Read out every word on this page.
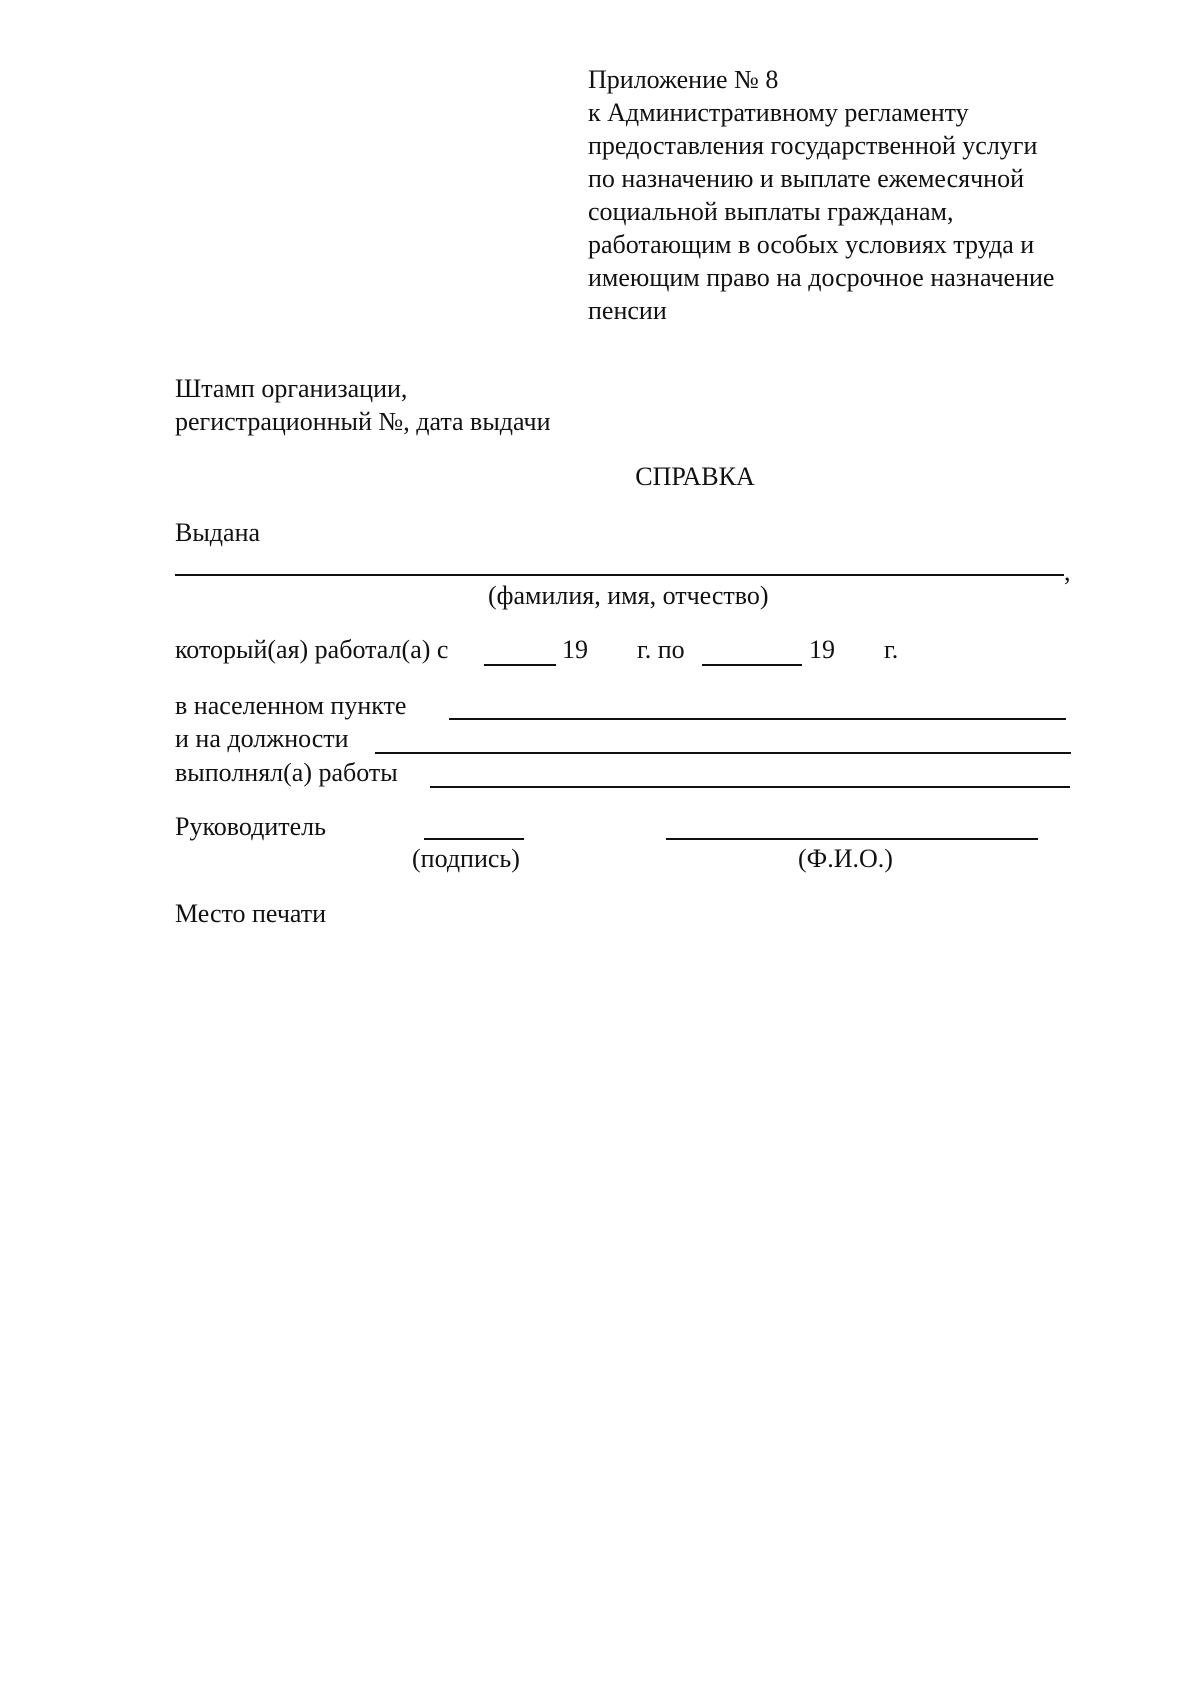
Приложение № 8
к Административному регламенту
предоставления государственной услуги
по назначению и выплате ежемесячной
социальной выплаты гражданам,
работающим в особых условиях труда и
имеющим право на досрочное назначение
пенсии
Штамп организации,
регистрационный №, дата выдачи
СПРАВКА
Выдана
,
(фамилия, имя, отчество)
который(ая) работал(а) с	19 г. по	19 г.
в населенном пункте
и на должности
выполнял(а) работы
Руководитель
(подпись)	(Ф.И.О.)
Место печати
